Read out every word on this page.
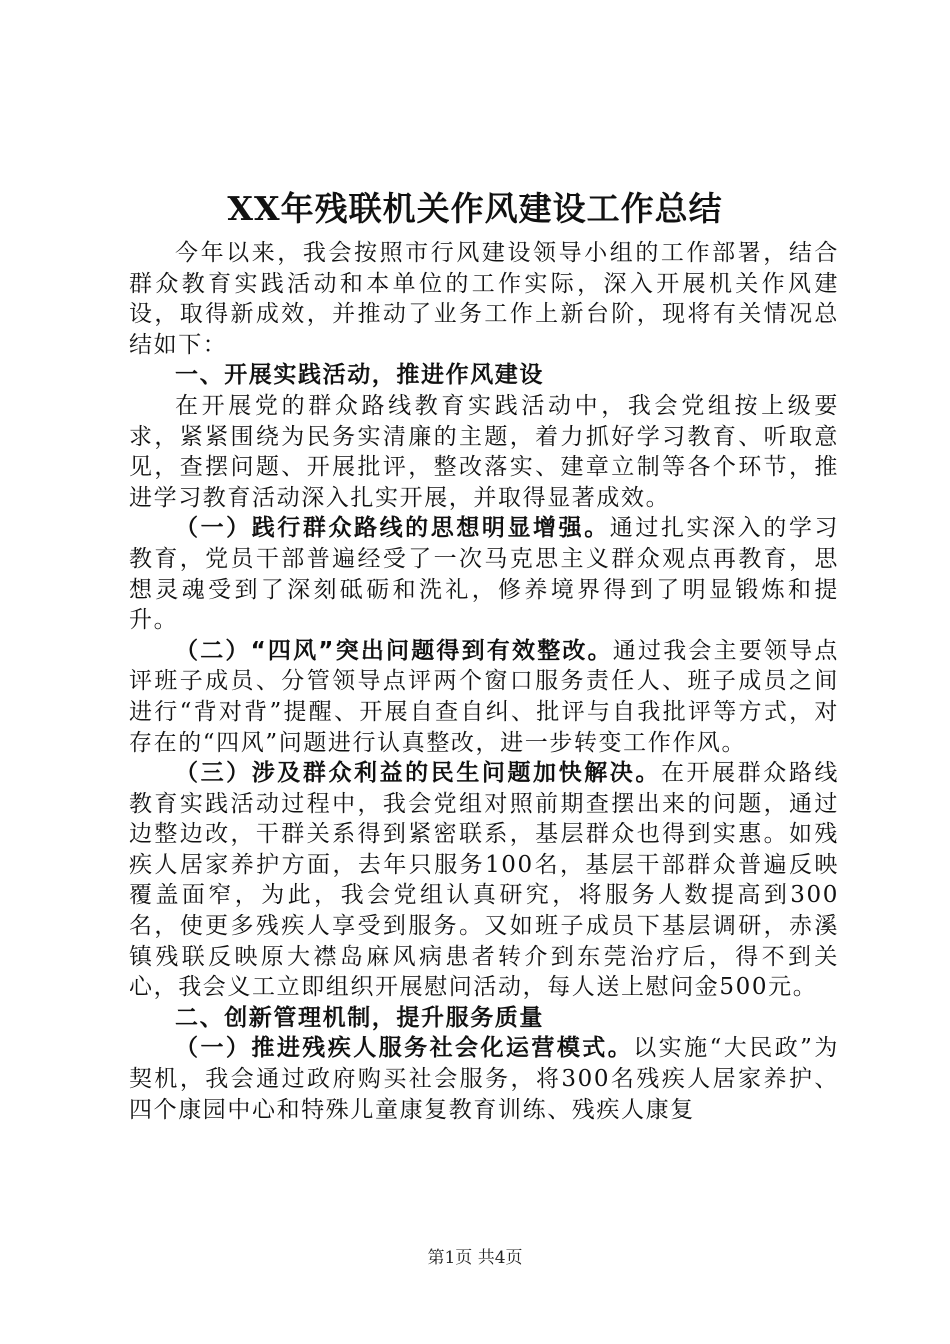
XX年残联机关作风建设工作总结

今年以来，我会按照市行风建设领导小组的工作部署，结合群众教育实践活动和本单位的工作实际，深入开展机关作风建设，取得新成效，并推动了业务工作上新台阶，现将有关情况总结如下：

一、开展实践活动，推进作风建设

在开展党的群众路线教育实践活动中，我会党组按上级要求，紧紧围绕为民务实清廉的主题，着力抓好学习教育、听取意见，查摆问题、开展批评，整改落实、建章立制等各个环节，推进学习教育活动深入扎实开展，并取得显著成效。

（一）践行群众路线的思想明显增强。通过扎实深入的学习教育，党员干部普遍经受了一次马克思主义群众观点再教育，思想灵魂受到了深刻砥砺和洗礼，修养境界得到了明显锻炼和提升。

（二）“四风”突出问题得到有效整改。通过我会主要领导点评班子成员、分管领导点评两个窗口服务责任人、班子成员之间进行“背对背”提醒、开展自查自纠、批评与自我批评等方式，对存在的“四风”问题进行认真整改，进一步转变工作作风。

（三）涉及群众利益的民生问题加快解决。在开展群众路线教育实践活动过程中，我会党组对照前期查摆出来的问题，通过边整边改，干群关系得到紧密联系，基层群众也得到实惠。如残疾人居家养护方面，去年只服务100名，基层干部群众普遍反映覆盖面窄，为此，我会党组认真研究，将服务人数提高到300名，使更多残疾人享受到服务。又如班子成员下基层调研，赤溪镇残联反映原大襟岛麻风病患者转介到东莞治疗后，得不到关心，我会义工立即组织开展慰问活动，每人送上慰问金500元。

二、创新管理机制，提升服务质量

（一）推进残疾人服务社会化运营模式。以实施“大民政”为契机，我会通过政府购买社会服务，将300名残疾人居家养护、四个康园中心和特殊儿童康复教育训练、残疾人康复

第1页 共4页
